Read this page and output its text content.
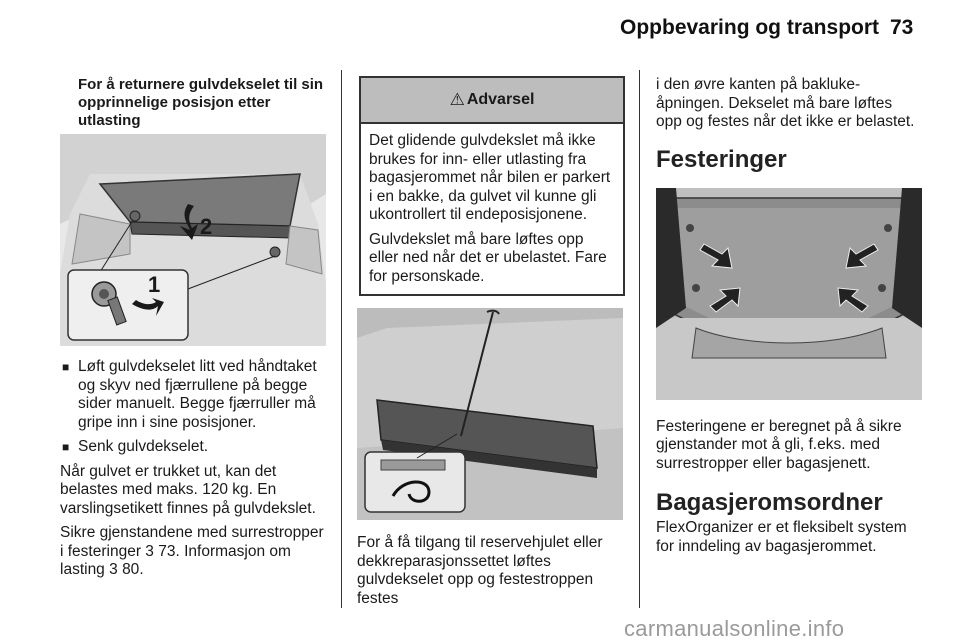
Oppbevaring og transport 73
For å returnere gulvdekselet til sin
opprinnelige posisjon etter utlasting
2
1
■ Løft gulvdekselet litt ved håndtaket og skyv ned fjærrullene på begge sider manuelt. Begge fjærruller må gripe inn i sine posisjoner.
■ Senk gulvdekselet.

Når gulvet er trukket ut, kan det belastes med maks. 120 kg. En varslingsetikett finnes på gulvdekslet.

Sikre gjenstandene med surrestropper i festeringer 3 73. Informasjon om lasting 3 80.

⚠ Advarsel

Det glidende gulvdekslet må ikke brukes for inn- eller utlasting fra bagasjerommet når bilen er parkert i en bakke, da gulvet vil kunne gli ukontrollert til endeposisjonene.

Gulvdekslet må bare løftes opp eller ned når det er ubelastet. Fare for personskade.

For å få tilgang til reservehjulet eller dekkreparasjonssettet løftes gulvdekselet opp og festestroppen festes

i den øvre kanten på baklukeåpningen. Dekselet må bare løftes opp og festes når det ikke er belastet.

Festeringer

Festeringene er beregnet på å sikre gjenstander mot å gli, f.eks. med surrestropper eller bagasjenett.

Bagasjeromsordner

FlexOrganizer er et fleksibelt system for inndeling av bagasjerommet.

carmanualsonline.info
